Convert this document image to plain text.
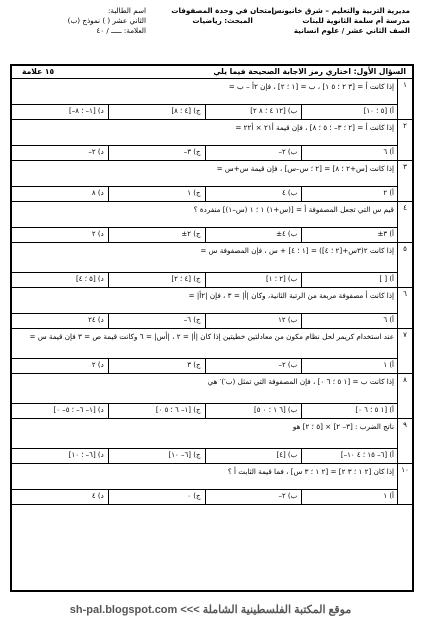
مديرية التربية والتعليم – شرق خانيونس
مدرسة أم سلمة الثانوية للبنات
الصف الثاني عشر / علوم انسانية
امتحان في وحدة المصفوفات
المبحث: رياضيات
اسم الطالبة:
الثاني عشر ( ) نموذج (ب)
العلامة: ـــــ / ٤٠
السؤال الأول: اختاري رمز الاجابة الصحيحة فيما يلي
١٥ علامة
١
إذا كانت أ = [٣ ٢ ؛ ٥ ١] ، ب = [١ ؛ ٢] ، فإن ٢أ – ب =
أ) [٥ ؛ ١٠]
ب) [١٢ ٤ ؛ ٨ ٢]
ج) [٤ ؛ ٨]
د) [١– ؛ ٨–]
٢
إذا كانت أ = [٢ ؛ ٣– ؛ ٥ ؛ ٨] ، فإن قيمة أ٢١ × أ٢٢ =
أ) ٦
ب) ٢–
ج) ٣–
د) ٢–
٣
إذا كانت [س+٢ ؛ ٨] = [٢ ؛ س–س] ، فإن قيمة س+س =
أ) ٢
ب) ٤
ج) ١
د) ٨
٤
قيم س التي تجعل المصفوفة أ = [(س+١) ١ ؛ ١ (س–١)] منفردة ؟
أ) ٣±
ب) ٤±
ج) ٢±
د) ٢
٥
إذا كانت ٢(٣س+[٢ ؛ ٤]) = [١ ؛ ٤] + س ، فإن المصفوفة س =
أ) [ ]
ب) [٢ ؛ ١]
ج) [٤ ؛ ٢]
د) [٥ ؛ ٤]
٦
إذا كانت أ مصفوفة مربعة من الرتبة الثانية، وكان |أ| = ٣ ، فإن |٢أ| =
أ) ٦
ب) ١٢
ج) ٦–
د) ٢٤
٧
عند استخدام كريمر لحل نظام مكون من معادلتين خطيتين إذا كان |أ| = ٢ ، |أس| = ٦ وكانت قيمة ص = ٣ فإن قيمة س =
أ) ١
ب) ٢–
ج) ٣
د) ٢
٨
إذا كانت ب = [١ ٥ ؛ ٦ ٠] ، فإن المصفوفة التي تمثل (ب′)′ هي
أ) [١ ٥ ؛ ٦ ٠]
ب) [٦ ١ ؛ ٠ ٥]
ج) [١– ٦ ؛ ٥ ٠]
د) [١– ٦– ؛ ٥– ٠]
٩
ناتج الضرب : [٣– ٢] × [٥ ؛ ٢] هو
أ) [٦– ١٥ ؛ ٤ ١٠–]
ب) [٤]
ج) [٦– ١٠]
د) [٦– ؛ ١٠]
١٠
إذا كان [٢ ١ ؛ ٣ ٢] = [٢ ١ ؛ ٣ س] ، فما قيمة الثابت أ ؟
أ) ١
ب) ٢–
ج) ٠
د) ٤
sh-pal.blogspot.com <<< موقع المكتبة الفلسطينية الشاملة
